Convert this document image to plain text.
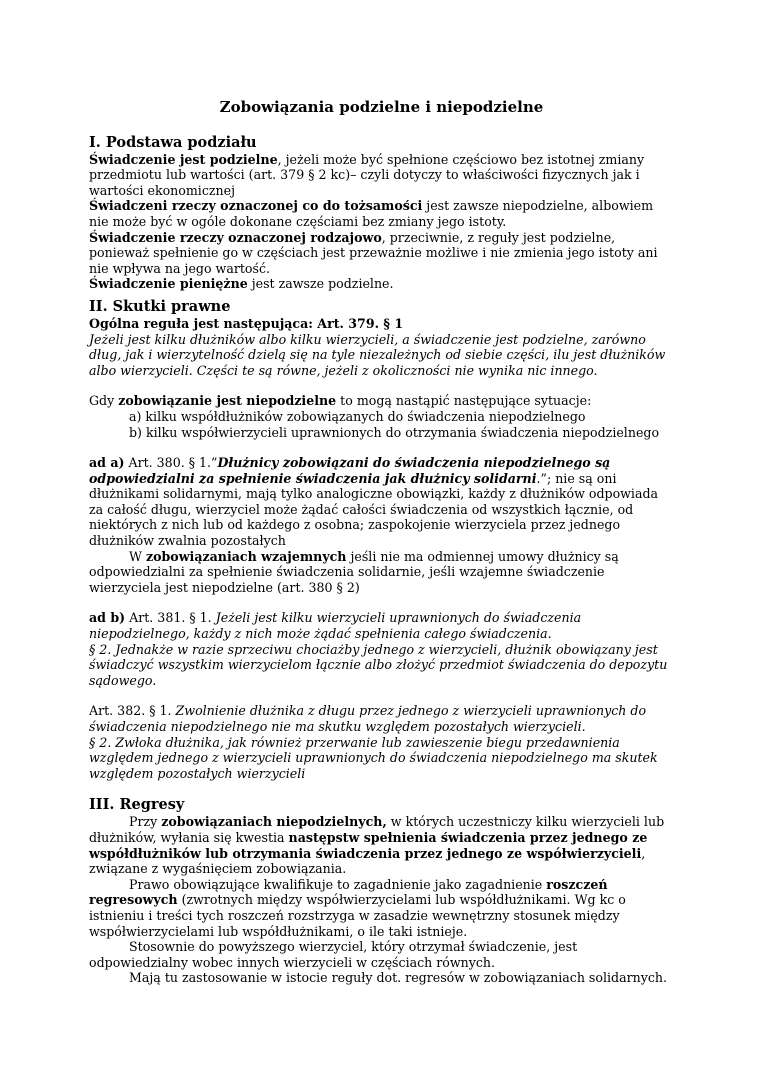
Zobowiązania podzielne i niepodzielne
I. Podstawa podziału

Świadczenie jest podzielne, jeżeli może być spełnione częściowo bez istotnej zmiany przedmiotu lub wartości (art. 379 § 2 kc)– czyli dotyczy to właściwości fizycznych jak i wartości ekonomicznej

Świadczeni rzeczy oznaczonej co do tożsamości jest zawsze niepodzielne, albowiem nie może być w ogóle dokonane częściami bez zmiany jego istoty.

Świadczenie rzeczy oznaczonej rodzajowo, przeciwnie, z reguły jest podzielne, ponieważ spełnienie go w częściach jest przeważnie możliwe i nie zmienia jego istoty ani nie wpływa na jego wartość.

Świadczenie pieniężne jest zawsze podzielne.

II. Skutki prawne

Ogólna reguła jest następująca: Art. 379. § 1

Jeżeli jest kilku dłużników albo kilku wierzycieli, a świadczenie jest podzielne, zarówno dług, jak i wierzytelność dzielą się na tyle niezależnych od siebie części, ilu jest dłużników albo wierzycieli. Części te są równe, jeżeli z okoliczności nie wynika nic innego.

Gdy zobowiązanie jest niepodzielne to mogą nastąpić następujące sytuacje:

a) kilku współdłużników zobowiązanych do świadczenia niepodzielnego

b) kilku współwierzycieli uprawnionych do otrzymania świadczenia niepodzielnego

ad a) Art. 380. § 1.”Dłużnicy zobowiązani do świadczenia niepodzielnego są odpowiedzialni za spełnienie świadczenia jak dłużnicy solidarni.”; nie są oni dłużnikami solidarnymi, mają tylko analogiczne obowiązki, każdy z dłużników odpowiada za całość długu, wierzyciel może żądać całości świadczenia od wszystkich łącznie, od niektórych z nich lub od każdego z osobna; zaspokojenie wierzyciela przez jednego dłużników zwalnia pozostałych

W zobowiązaniach wzajemnych jeśli nie ma odmiennej umowy dłużnicy są odpowiedzialni za spełnienie świadczenia solidarnie, jeśli wzajemne świadczenie wierzyciela jest niepodzielne (art. 380 § 2)

ad b) Art. 381. § 1. Jeżeli jest kilku wierzycieli uprawnionych do świadczenia niepodzielnego, każdy z nich może żądać spełnienia całego świadczenia.

§ 2. Jednakże w razie sprzeciwu chociażby jednego z wierzycieli, dłużnik obowiązany jest świadczyć wszystkim wierzycielom łącznie albo złożyć przedmiot świadczenia do depozytu sądowego.

Art. 382. § 1. Zwolnienie dłużnika z długu przez jednego z wierzycieli uprawnionych do świadczenia niepodzielnego nie ma skutku względem pozostałych wierzycieli.

§ 2. Zwłoka dłużnika, jak również przerwanie lub zawieszenie biegu przedawnienia względem jednego z wierzycieli uprawnionych do świadczenia niepodzielnego ma skutek względem pozostałych wierzycieli

III. Regresy

Przy zobowiązaniach niepodzielnych, w których uczestniczy kilku wierzycieli lub dłużników, wyłania się kwestia następstw spełnienia świadczenia przez jednego ze współdłużników lub otrzymania świadczenia przez jednego ze współwierzycieli, związane z wygaśnięciem zobowiązania.

Prawo obowiązujące kwalifikuje to zagadnienie jako zagadnienie roszczeń regresowych (zwrotnych między współwierzycielami lub współdłużnikami. Wg kc o istnieniu i treści tych roszczeń rozstrzyga w zasadzie wewnętrzny stosunek między współwierzycielami lub współdłużnikami, o ile taki istnieje.

Stosownie do powyższego wierzyciel, który otrzymał świadczenie, jest odpowiedzialny wobec innych wierzycieli w częściach równych.

Mają tu zastosowanie w istocie reguły dot. regresów w zobowiązaniach solidarnych.
